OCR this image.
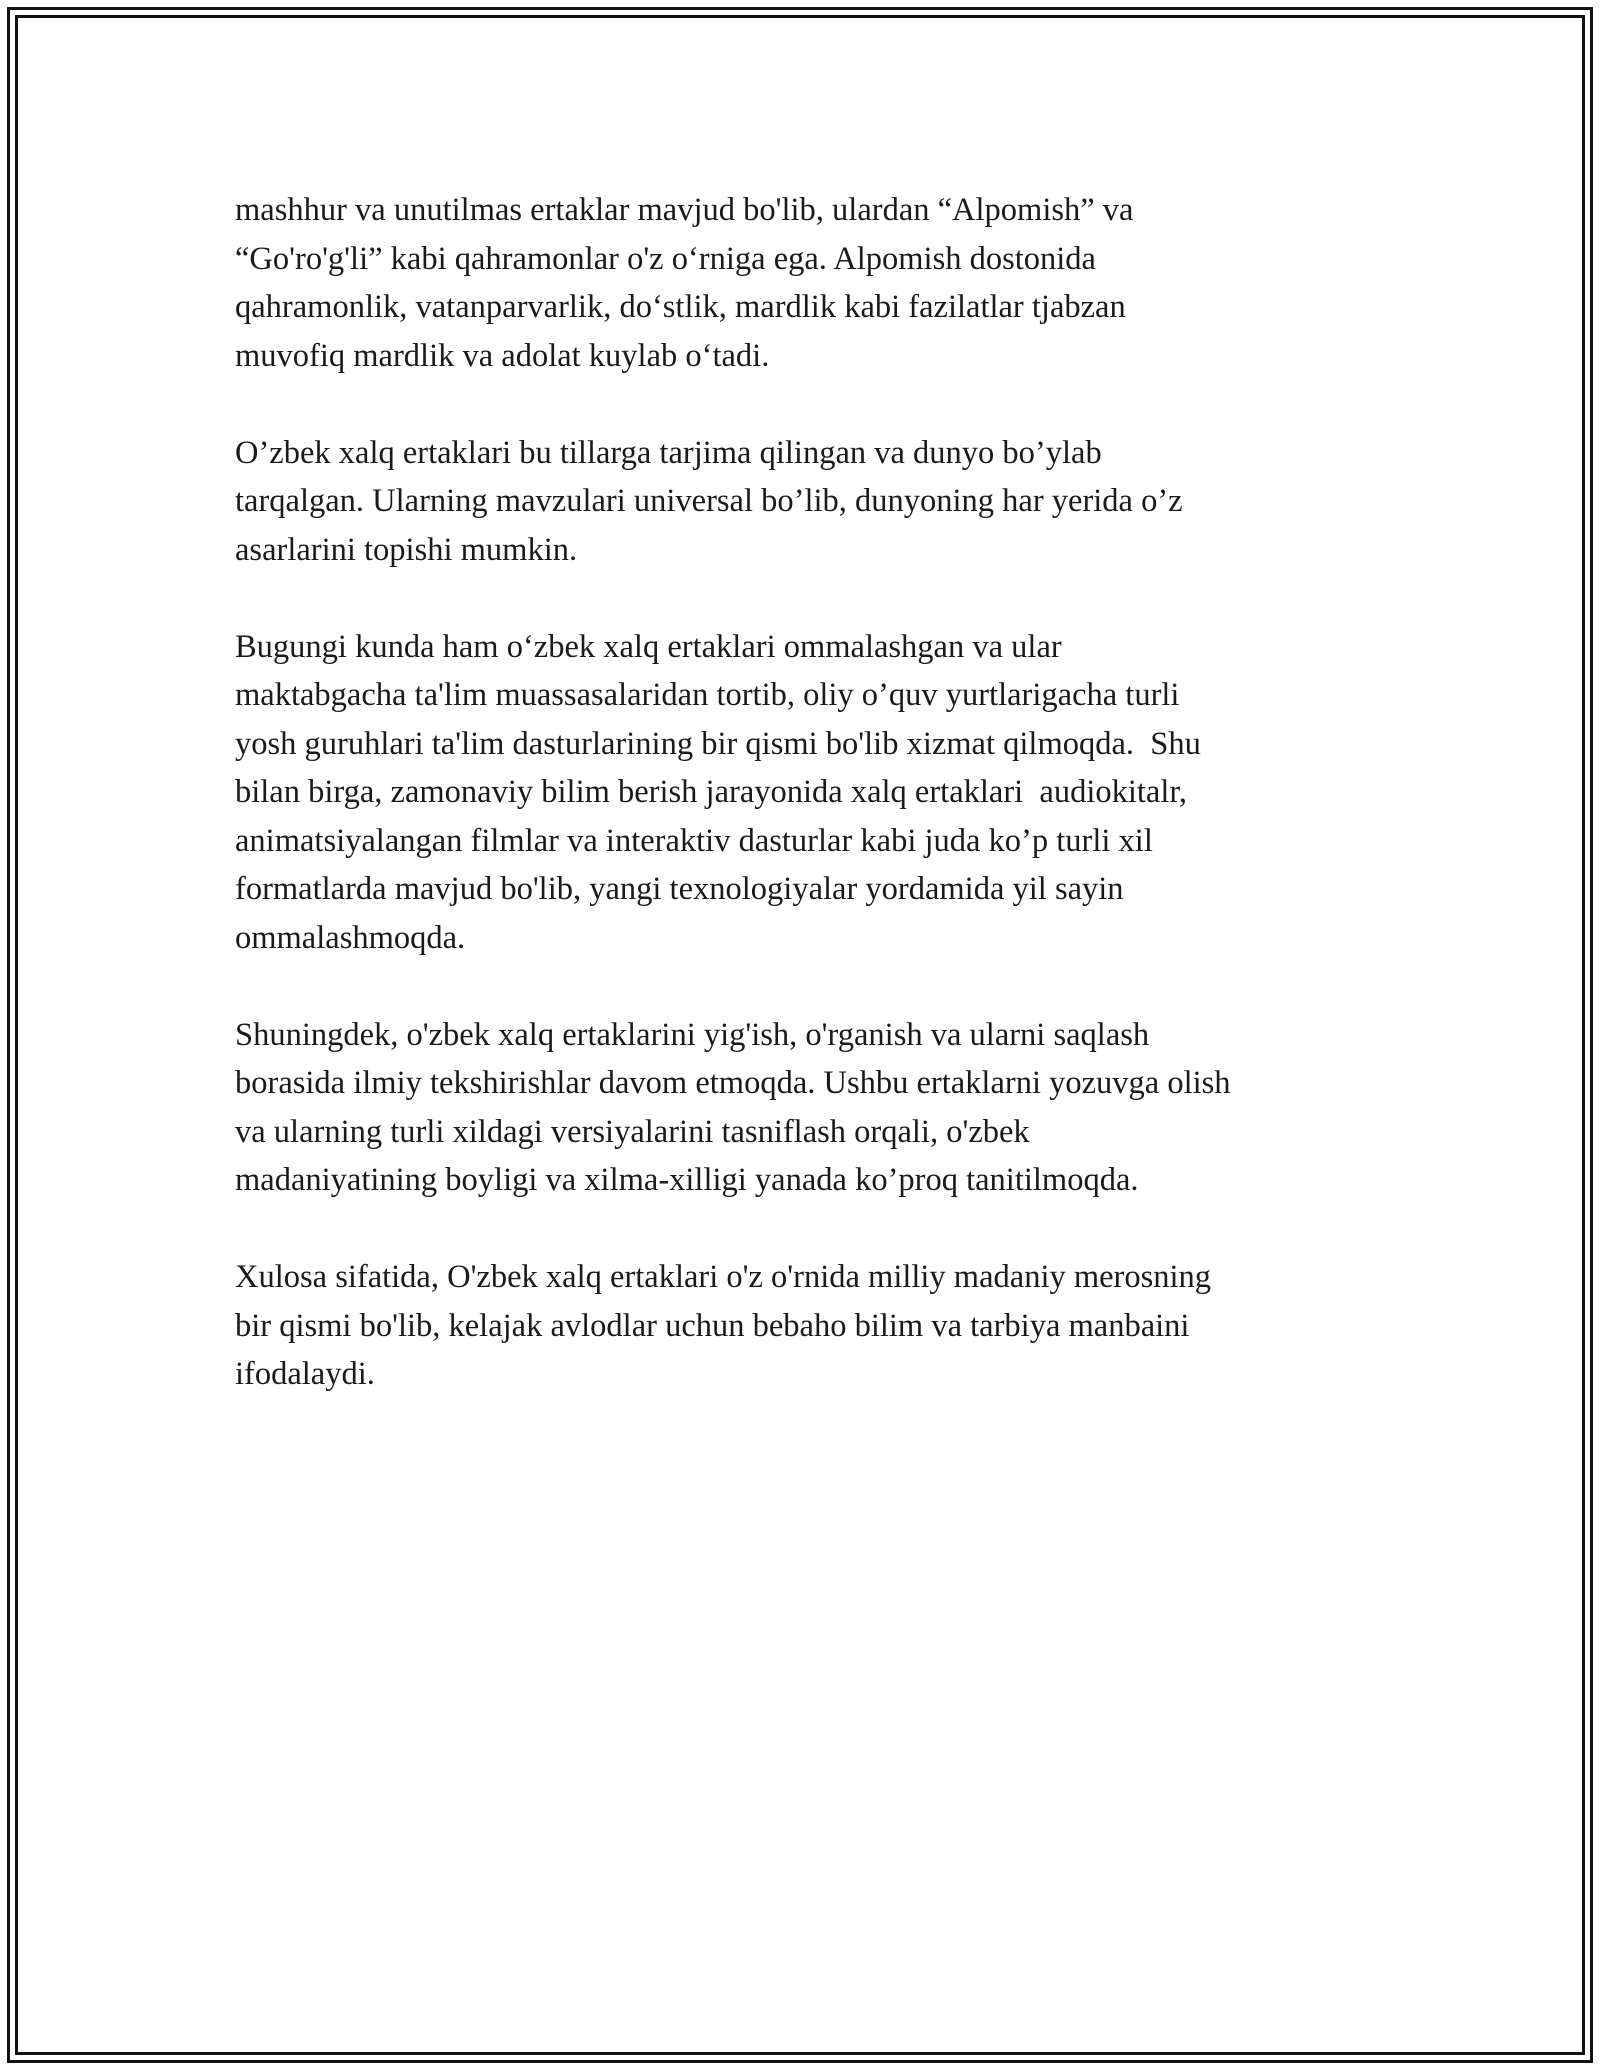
mashhur va unutilmas ertaklar mavjud bo'lib, ulardan “Alpomish” va
“Go'ro'g'li” kabi qahramonlar o'z o‘rniga ega. Alpomish dostonida
qahramonlik, vatanparvarlik, do‘stlik, mardlik kabi fazilatlar tjabzan
muvofiq mardlik va adolat kuylab o‘tadi.

O’zbek xalq ertaklari bu tillarga tarjima qilingan va dunyo bo’ylab
tarqalgan. Ularning mavzulari universal bo’lib, dunyoning har yerida o’z
asarlarini topishi mumkin.

Bugungi kunda ham o‘zbek xalq ertaklari ommalashgan va ular
maktabgacha ta'lim muassasalaridan tortib, oliy o’quv yurtlarigacha turli
yosh guruhlari ta'lim dasturlarining bir qismi bo'lib xizmat qilmoqda.  Shu
bilan birga, zamonaviy bilim berish jarayonida xalq ertaklari  audiokitalr,
animatsiyalangan filmlar va interaktiv dasturlar kabi juda ko’p turli xil
formatlarda mavjud bo'lib, yangi texnologiyalar yordamida yil sayin
ommalashmoqda.

Shuningdek, o'zbek xalq ertaklarini yig'ish, o'rganish va ularni saqlash
borasida ilmiy tekshirishlar davom etmoqda. Ushbu ertaklarni yozuvga olish
va ularning turli xildagi versiyalarini tasniflash orqali, o'zbek
madaniyatining boyligi va xilma-xilligi yanada ko’proq tanitilmoqda.

Xulosa sifatida, O'zbek xalq ertaklari o'z o'rnida milliy madaniy merosning
bir qismi bo'lib, kelajak avlodlar uchun bebaho bilim va tarbiya manbaini
ifodalaydi.
